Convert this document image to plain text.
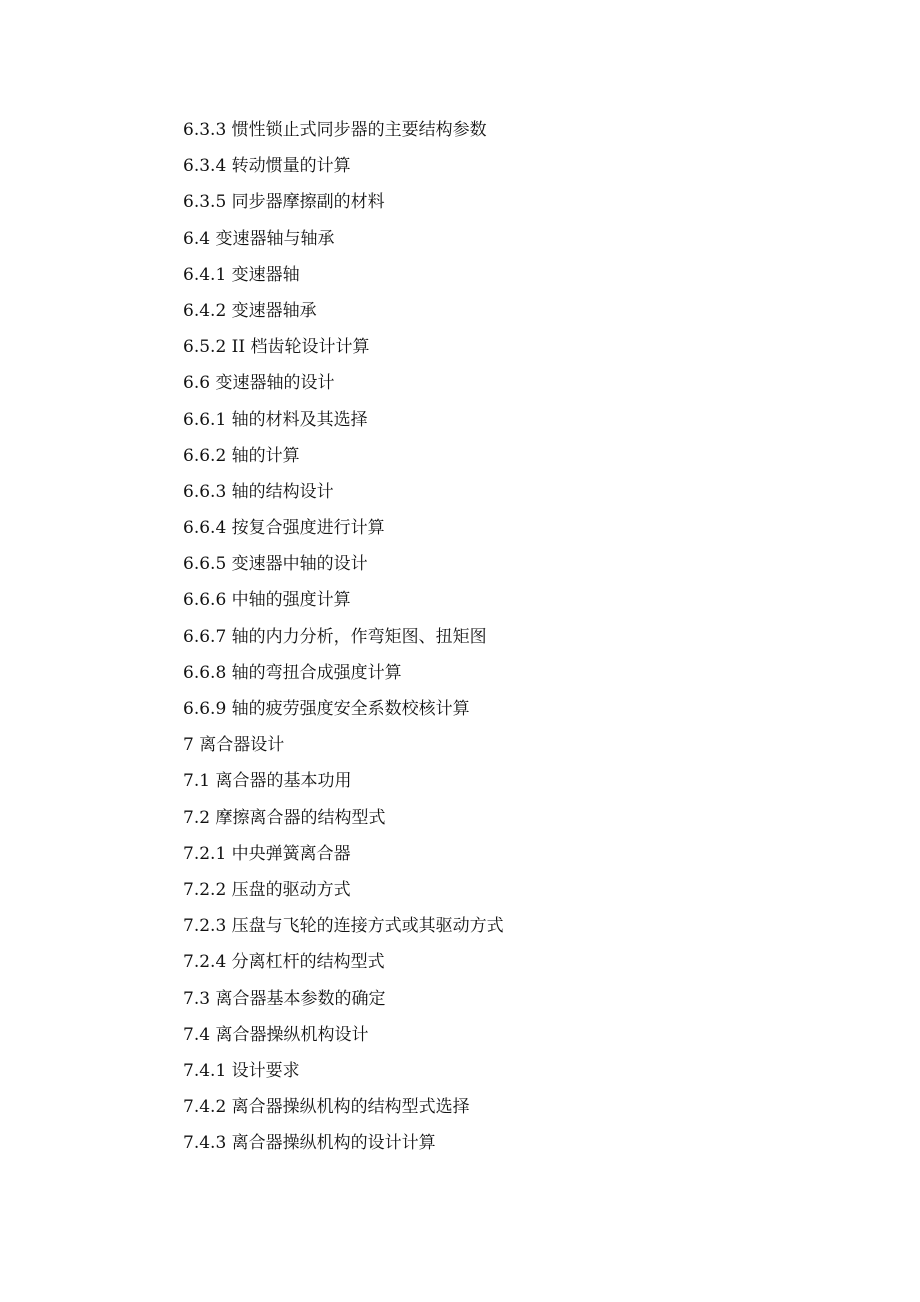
6.3.3 惯性锁止式同步器的主要结构参数
6.3.4 转动惯量的计算
6.3.5 同步器摩擦副的材料
6.4 变速器轴与轴承
6.4.1 变速器轴
6.4.2 变速器轴承
6.5.2 II 档齿轮设计计算
6.6 变速器轴的设计
6.6.1 轴的材料及其选择
6.6.2 轴的计算
6.6.3 轴的结构设计
6.6.4 按复合强度进行计算
6.6.5 变速器中轴的设计
6.6.6 中轴的强度计算
6.6.7 轴的内力分析，作弯矩图、扭矩图
6.6.8 轴的弯扭合成强度计算
6.6.9 轴的疲劳强度安全系数校核计算
7 离合器设计
7.1 离合器的基本功用
7.2 摩擦离合器的结构型式
7.2.1 中央弹簧离合器
7.2.2 压盘的驱动方式
7.2.3 压盘与飞轮的连接方式或其驱动方式
7.2.4 分离杠杆的结构型式
7.3 离合器基本参数的确定
7.4 离合器操纵机构设计
7.4.1 设计要求
7.4.2 离合器操纵机构的结构型式选择
7.4.3 离合器操纵机构的设计计算
